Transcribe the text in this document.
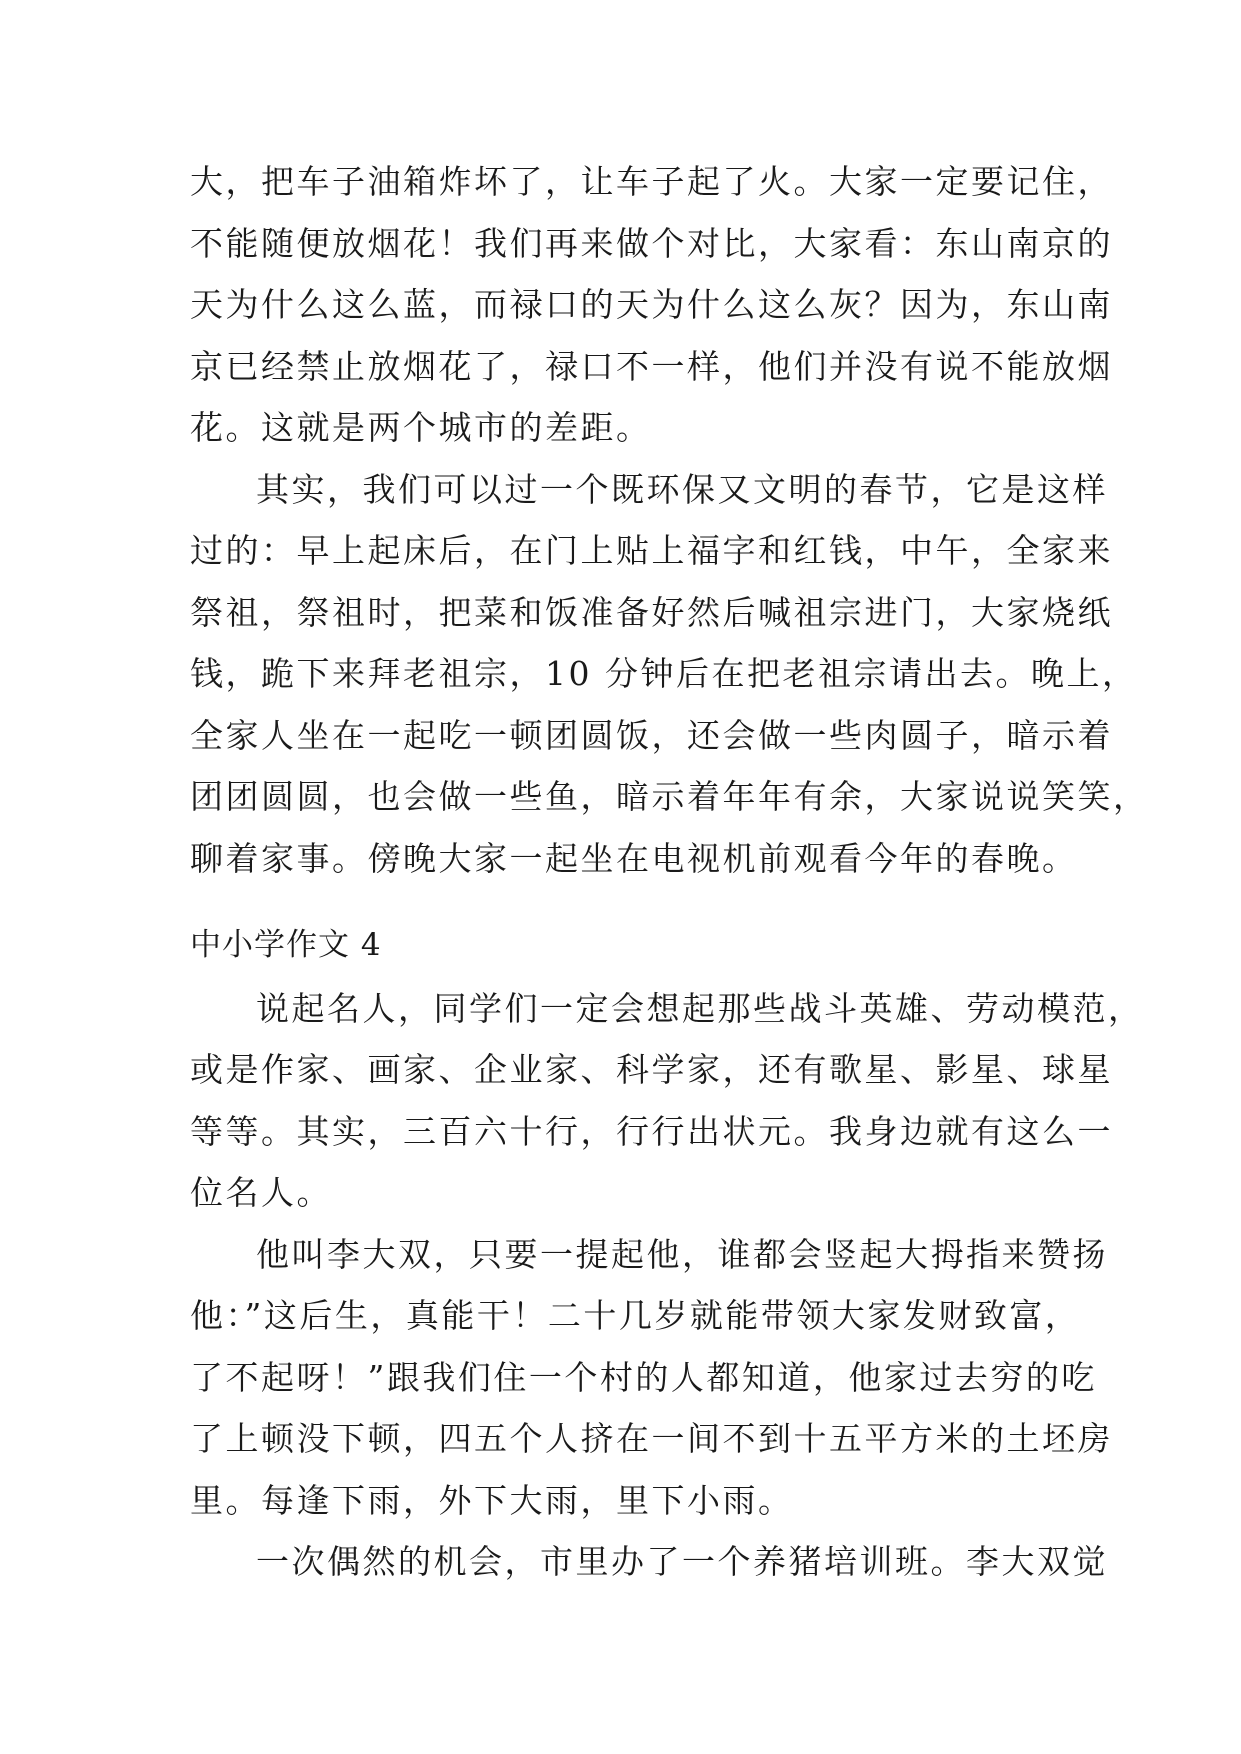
大，把车子油箱炸坏了，让车子起了火。大家一定要记住，
不能随便放烟花！我们再来做个对比，大家看：东山南京的
天为什么这么蓝，而禄口的天为什么这么灰？因为，东山南
京已经禁止放烟花了，禄口不一样，他们并没有说不能放烟
花。这就是两个城市的差距。
其实，我们可以过一个既环保又文明的春节，它是这样
过的：早上起床后，在门上贴上福字和红钱，中午，全家来
祭祖，祭祖时，把菜和饭准备好然后喊祖宗进门，大家烧纸
钱，跪下来拜老祖宗，10 分钟后在把老祖宗请出去。晚上，
全家人坐在一起吃一顿团圆饭，还会做一些肉圆子，暗示着
团团圆圆，也会做一些鱼，暗示着年年有余，大家说说笑笑，
聊着家事。傍晚大家一起坐在电视机前观看今年的春晚。
中小学作文 4
说起名人，同学们一定会想起那些战斗英雄、劳动模范，
或是作家、画家、企业家、科学家，还有歌星、影星、球星
等等。其实，三百六十行，行行出状元。我身边就有这么一
位名人。
他叫李大双，只要一提起他，谁都会竖起大拇指来赞扬
他：”这后生，真能干！二十几岁就能带领大家发财致富，
了不起呀！”跟我们住一个村的人都知道，他家过去穷的吃
了上顿没下顿，四五个人挤在一间不到十五平方米的土坯房
里。每逢下雨，外下大雨，里下小雨。
一次偶然的机会，市里办了一个养猪培训班。李大双觉
